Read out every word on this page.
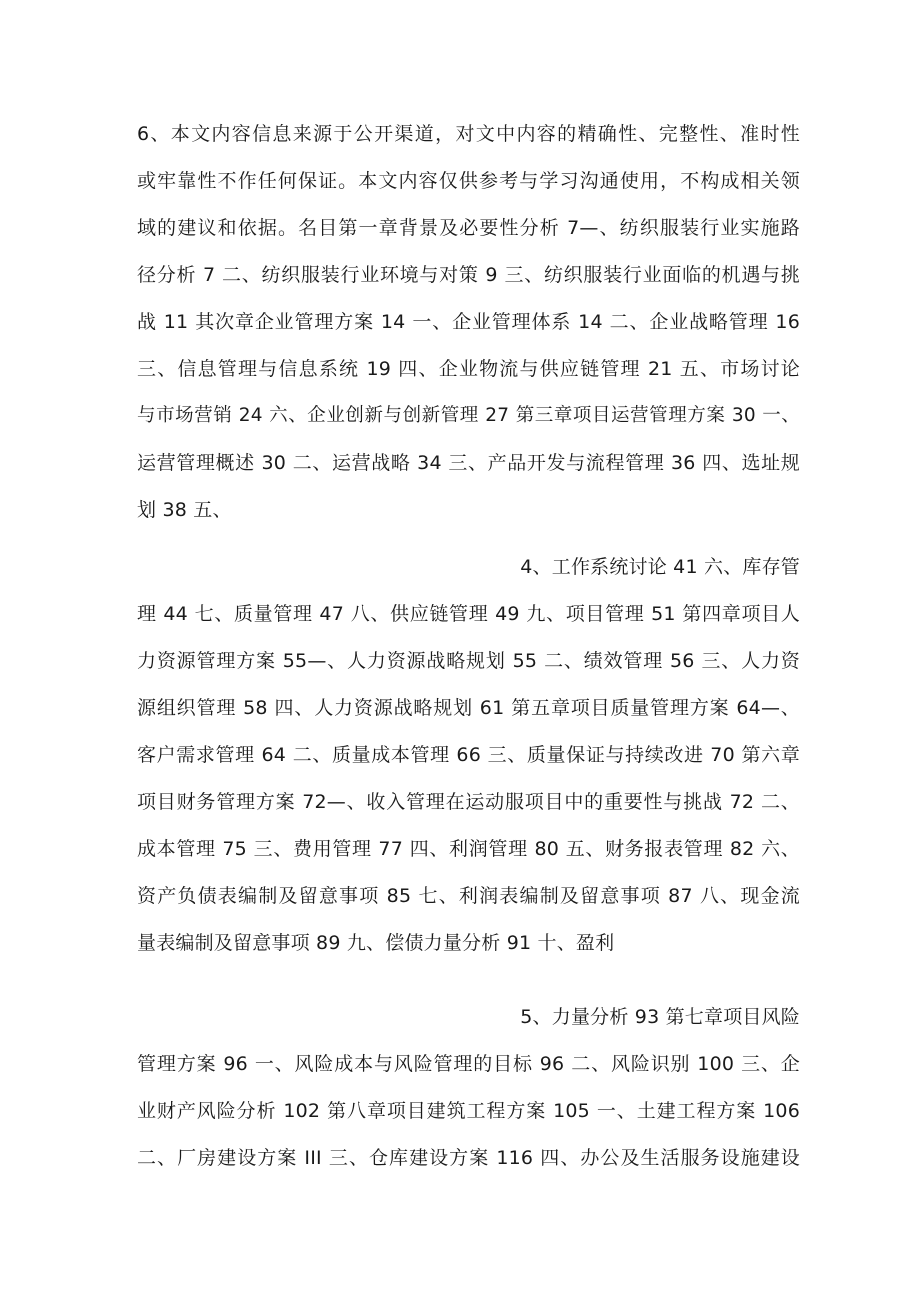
6、本文内容信息来源于公开渠道，对文中内容的精确性、完整性、准时性
或牢靠性不作任何保证。本文内容仅供参考与学习沟通使用，不构成相关领
域的建议和依据。名目第一章背景及必要性分析 7—、纺织服装行业实施路
径分析 7 二、纺织服装行业环境与对策 9 三、纺织服装行业面临的机遇与挑
战 11 其次章企业管理方案 14 一、企业管理体系 14 二、企业战略管理 16
三、信息管理与信息系统 19 四、企业物流与供应链管理 21 五、市场讨论
与市场营销 24 六、企业创新与创新管理 27 第三章项目运营管理方案 30 一、
运营管理概述 30 二、运营战略 34 三、产品开发与流程管理 36 四、选址规
划 38 五、
4、工作系统讨论 41 六、库存管
理 44 七、质量管理 47 八、供应链管理 49 九、项目管理 51 第四章项目人
力资源管理方案 55—、人力资源战略规划 55 二、绩效管理 56 三、人力资
源组织管理 58 四、人力资源战略规划 61 第五章项目质量管理方案 64—、
客户需求管理 64 二、质量成本管理 66 三、质量保证与持续改进 70 第六章
项目财务管理方案 72—、收入管理在运动服项目中的重要性与挑战 72 二、
成本管理 75 三、费用管理 77 四、利润管理 80 五、财务报表管理 82 六、
资产负债表编制及留意事项 85 七、利润表编制及留意事项 87 八、现金流
量表编制及留意事项 89 九、偿债力量分析 91 十、盈利
5、力量分析 93 第七章项目风险
管理方案 96 一、风险成本与风险管理的目标 96 二、风险识别 100 三、企
业财产风险分析 102 第八章项目建筑工程方案 105 一、土建工程方案 106
二、厂房建设方案 III 三、仓库建设方案 116 四、办公及生活服务设施建设
